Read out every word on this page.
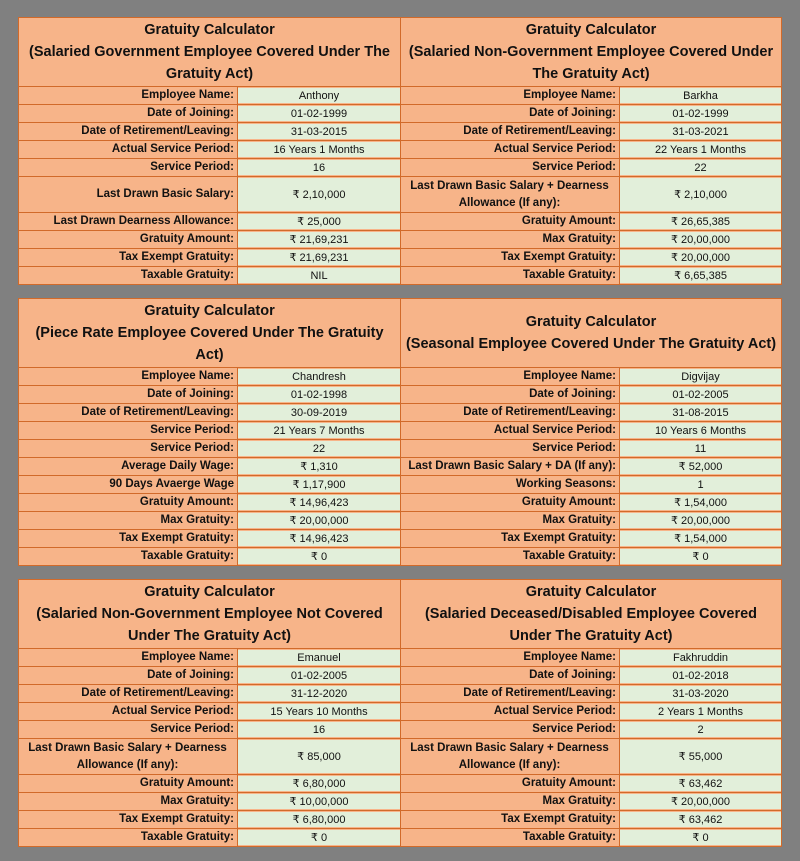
Gratuity Calculator
(Salaried Government Employee Covered Under The Gratuity Act)
Employee Name:	Anthony
Date of Joining:	01-02-1999
Date of Retirement/Leaving:	31-03-2015
Actual Service Period:	16 Years 1 Months
Service Period:	16
Last Drawn Basic Salary:	₹ 2,10,000
Last Drawn Dearness Allowance:	₹ 25,000
Gratuity Amount:	₹ 21,69,231
Tax Exempt Gratuity:	₹ 21,69,231
Taxable Gratuity:	NIL
Gratuity Calculator
(Salaried Non-Government Employee Covered Under The Gratuity Act)
Employee Name:	Barkha
Date of Joining:	01-02-1999
Date of Retirement/Leaving:	31-03-2021
Actual Service Period:	22 Years 1 Months
Service Period:	22
Last Drawn Basic Salary + Dearness Allowance (If any):
₹ 2,10,000
Gratuity Amount:	₹ 26,65,385
Max Gratuity:	₹ 20,00,000
Tax Exempt Gratuity:	₹ 20,00,000
Taxable Gratuity:	₹ 6,65,385
Gratuity Calculator
(Piece Rate Employee Covered Under The Gratuity Act)
Employee Name:	Chandresh
Date of Joining:	01-02-1998
Date of Retirement/Leaving:	30-09-2019
Service Period:	21 Years 7 Months
Service Period:	22
Average Daily Wage:	₹ 1,310
90 Days Avaerge Wage	₹ 1,17,900
Gratuity Amount:	₹ 14,96,423
Max Gratuity:	₹ 20,00,000
Tax Exempt Gratuity:	₹ 14,96,423
Taxable Gratuity:	₹ 0
Gratuity Calculator
(Seasonal Employee Covered Under The Gratuity Act)
Employee Name:	Digvijay
Date of Joining:	01-02-2005
Date of Retirement/Leaving:	31-08-2015
Actual Service Period:	10 Years 6 Months
Service Period:	11
Last Drawn Basic Salary + DA (If any):	₹ 52,000
Working Seasons:	1
Gratuity Amount:	₹ 1,54,000
Max Gratuity:	₹ 20,00,000
Tax Exempt Gratuity:	₹ 1,54,000
Taxable Gratuity:	₹ 0
Gratuity Calculator
(Salaried Non-Government Employee Not Covered Under The Gratuity Act)
Employee Name:	Emanuel
Date of Joining:	01-02-2005
Date of Retirement/Leaving:	31-12-2020
Actual Service Period:	15 Years 10 Months
Service Period:	16
Last Drawn Basic Salary + Dearness Allowance (If any):
₹ 85,000
Gratuity Amount:	₹ 6,80,000
Max Gratuity:	₹ 10,00,000
Tax Exempt Gratuity:	₹ 6,80,000
Taxable Gratuity:	₹ 0
Gratuity Calculator
(Salaried Deceased/Disabled Employee Covered Under The Gratuity Act)
Employee Name:	Fakhruddin
Date of Joining:	01-02-2018
Date of Retirement/Leaving:	31-03-2020
Actual Service Period:	2 Years 1 Months
Service Period:	2
Last Drawn Basic Salary + Dearness Allowance (If any):
₹ 55,000
Gratuity Amount:	₹ 63,462
Max Gratuity:	₹ 20,00,000
Tax Exempt Gratuity:	₹ 63,462
Taxable Gratuity:	₹ 0
